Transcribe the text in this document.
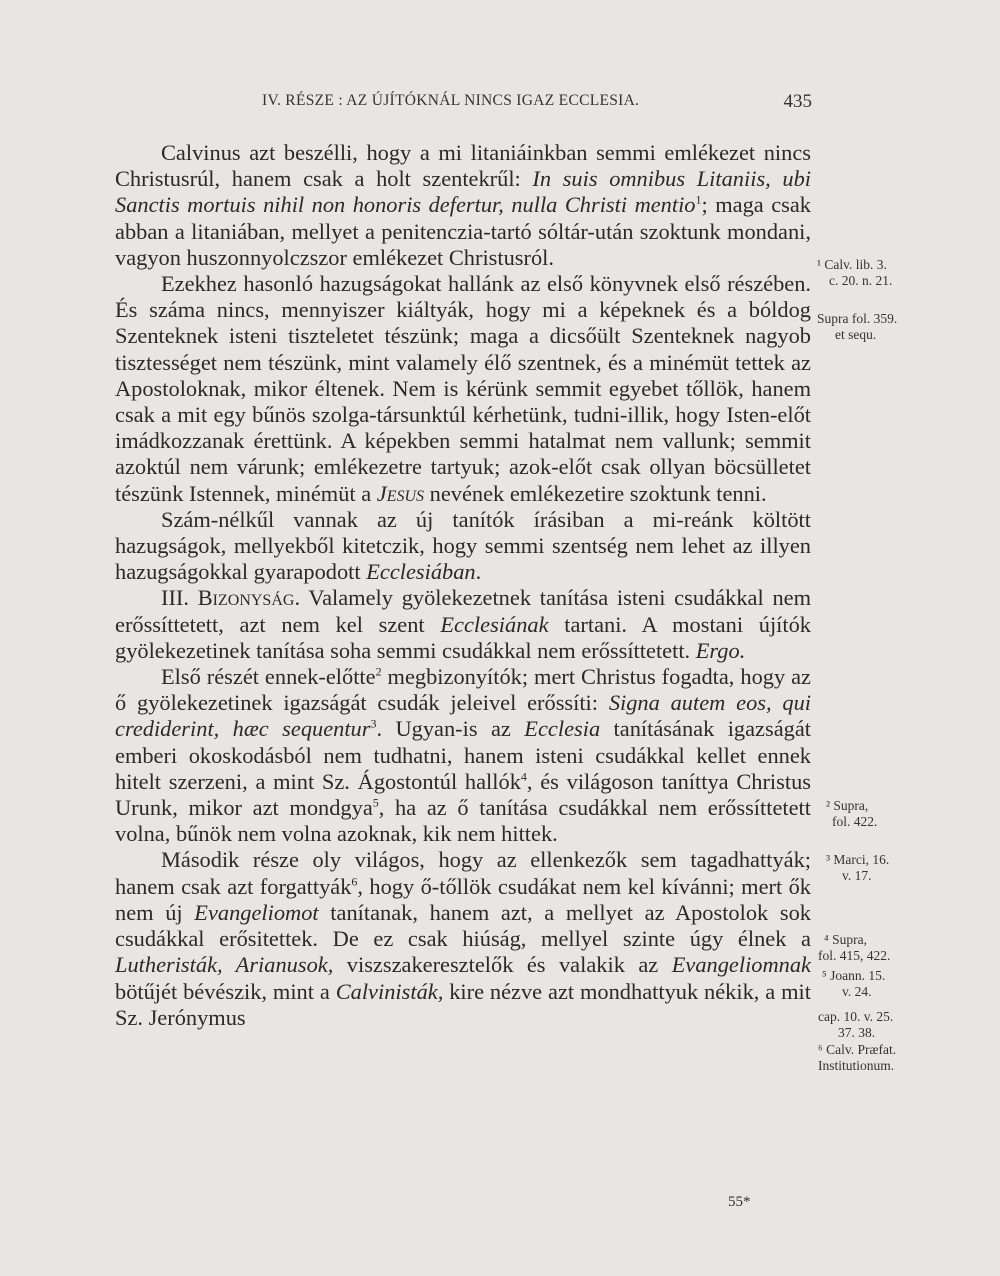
IV. RÉSZE : AZ ÚJÍTÓKNÁL NINCS IGAZ ECCLESIA.	435

Calvinus azt beszélli, hogy a mi litaniáinkban semmi emlékezet nincs Christusrúl, hanem csak a holt szentekrűl: In suis omnibus Litaniis, ubi Sanctis mortuis nihil non honoris defertur, nulla Christi mentio$^1$; maga csak abban a litaniában, mellyet a penitenczia-tartó sóltár-után szoktunk mondani, vagyon huszonnyolczszor emlékezet Christusról.

Ezekhez hasonló hazugságokat hallánk az első könyvnek első részében. És száma nincs, mennyiszer kiáltyák, hogy mi a képeknek és a bóldog Szenteknek isteni tiszteletet tészünk; maga a dicsőült Szenteknek nagyob tisztességet nem tészünk, mint valamely élő szentnek, és a minémüt tettek az Apostoloknak, mikor éltenek. Nem is kérünk semmit egyebet tőllök, hanem csak a mit egy bűnös szolga-társunktúl kérhetünk, tudni-illik, hogy Isten-előt imádkozzanak érettünk. A képekben semmi hatalmat nem vallunk; semmit azoktúl nem várunk; emlékezetre tartyuk; azok-előt csak ollyan böcsülletet tészünk Istennek, minémüt a Jesus nevének emlékezetire szoktunk tenni.

Szám-nélkűl vannak az új tanítók írásiban a mi-reánk költött hazugságok, mellyekből kitetczik, hogy semmi szentség nem lehet az illyen hazugságokkal gyarapodott Ecclesiában.

III. Bizonyság. Valamely gyölekezetnek tanítása isteni csudákkal nem erőssíttetett, azt nem kel szent Ecclesiának tartani. A mostani újítók gyölekezetinek tanítása soha semmi csudákkal nem erőssíttetett. Ergo.

Első részét ennek-előtte$^2$ megbizonyítók; mert Christus fogadta, hogy az ő gyölekezetinek igazságát csudák jeleivel erőssíti: Signa autem eos, qui crediderint, hæc sequentur$^3$. Ugyan-is az Ecclesia tanításának igazságát emberi okoskodásból nem tudhatni, hanem isteni csudákkal kellet ennek hitelt szerzeni, a mint Sz. Ágostontúl hallók$^4$, és világoson taníttya Christus Urunk, mikor azt mondgya$^5$, ha az ő tanítása csudákkal nem erőssíttetett volna, bűnök nem volna azoknak, kik nem hittek.

Második része oly világos, hogy az ellenkezők sem tagadhattyák; hanem csak azt forgattyák$^6$, hogy ő-tőllök csudákat nem kel kívánni; mert ők nem új Evangeliomot tanítanak, hanem azt, a mellyet az Apostolok sok csudákkal erősitettek. De ez csak hiúság, mellyel szinte úgy élnek a Lutheristák, Arianusok, viszszakeresztelők és valakik az Evangeliomnak bötűjét bévészik, mint a Calvinisták, kire nézve azt mondhattyuk nékik, a mit Sz. Jerónymus

¹ Calv. lib. 3.
c. 20. n. 21.
Supra fol. 359.
et sequ.
² Supra,
fol. 422.
³ Marci, 16.
v. 17.
⁴ Supra,
fol. 415, 422.
⁵ Joann. 15.
v. 24.
cap. 10. v. 25.
37. 38.
⁶ Calv. Præfat.
Institutionum.
55*
